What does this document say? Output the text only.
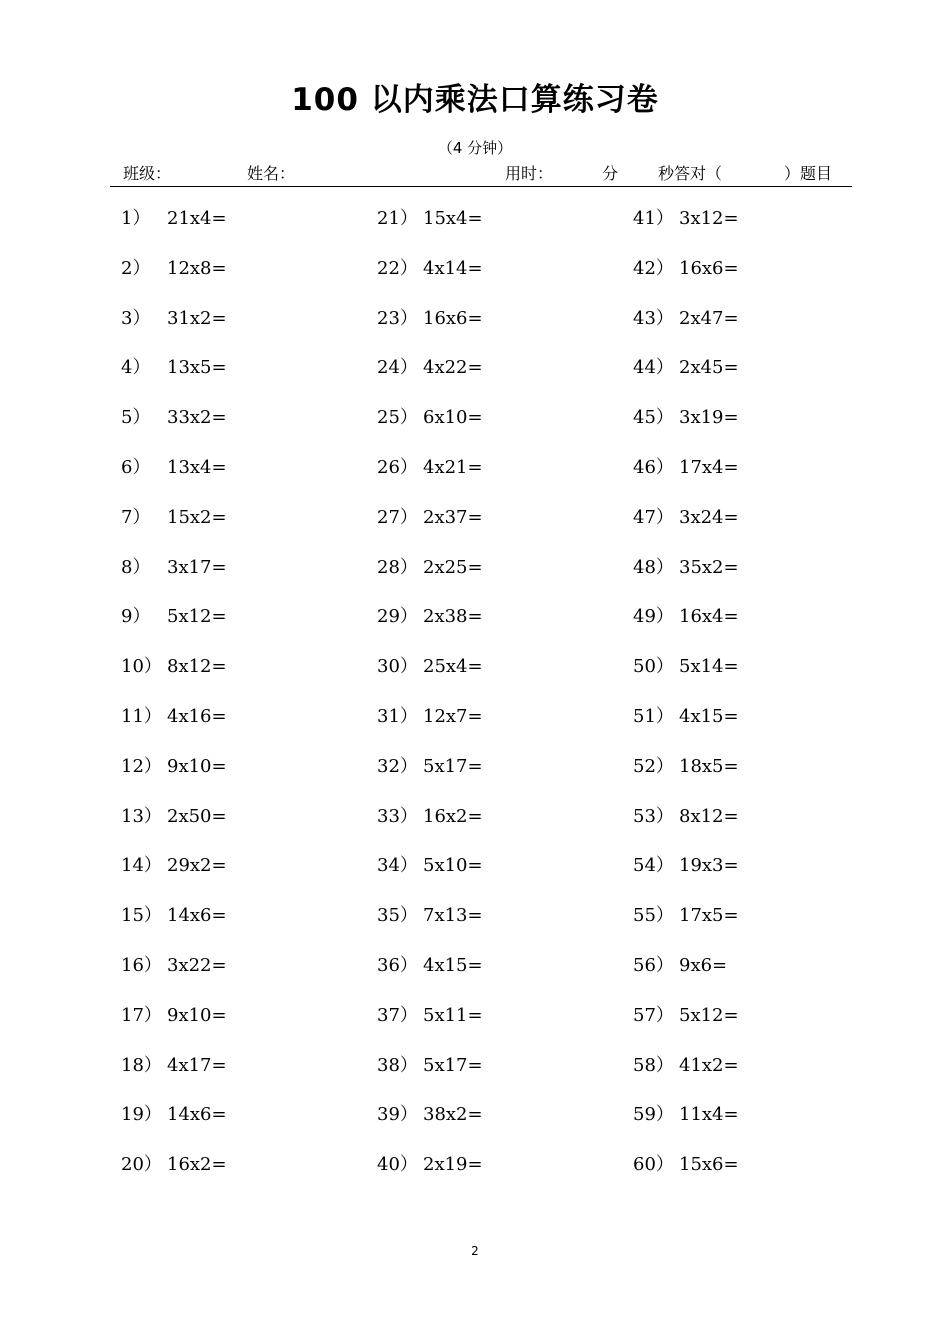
100 以内乘法口算练习卷
（4 分钟）
班级：	姓名：	用时：	分 秒答对（	）题目
1） 21x4=
2） 12x8=
3） 31x2=
4） 13x5=
5） 33x2=
6） 13x4=
7） 15x2=
8） 3x17=
9） 5x12=
10） 8x12=
11） 4x16=
12） 9x10=
13） 2x50=
14） 29x2=
15） 14x6=
16） 3x22=
17） 9x10=
18） 4x17=
19） 14x6=
20） 16x2=
21） 15x4=
22） 4x14=
23） 16x6=
24） 4x22=
25） 6x10=
26） 4x21=
27） 2x37=
28） 2x25=
29） 2x38=
30） 25x4=
31） 12x7=
32） 5x17=
33） 16x2=
34） 5x10=
35） 7x13=
36） 4x15=
37） 5x11=
38） 5x17=
39） 38x2=
40） 2x19=
41） 3x12=
42） 16x6=
43） 2x47=
44） 2x45=
45） 3x19=
46） 17x4=
47） 3x24=
48） 35x2=
49） 16x4=
50） 5x14=
51） 4x15=
52） 18x5=
53） 8x12=
54） 19x3=
55） 17x5=
56） 9x6=
57） 5x12=
58） 41x2=
59） 11x4=
60） 15x6=
2
